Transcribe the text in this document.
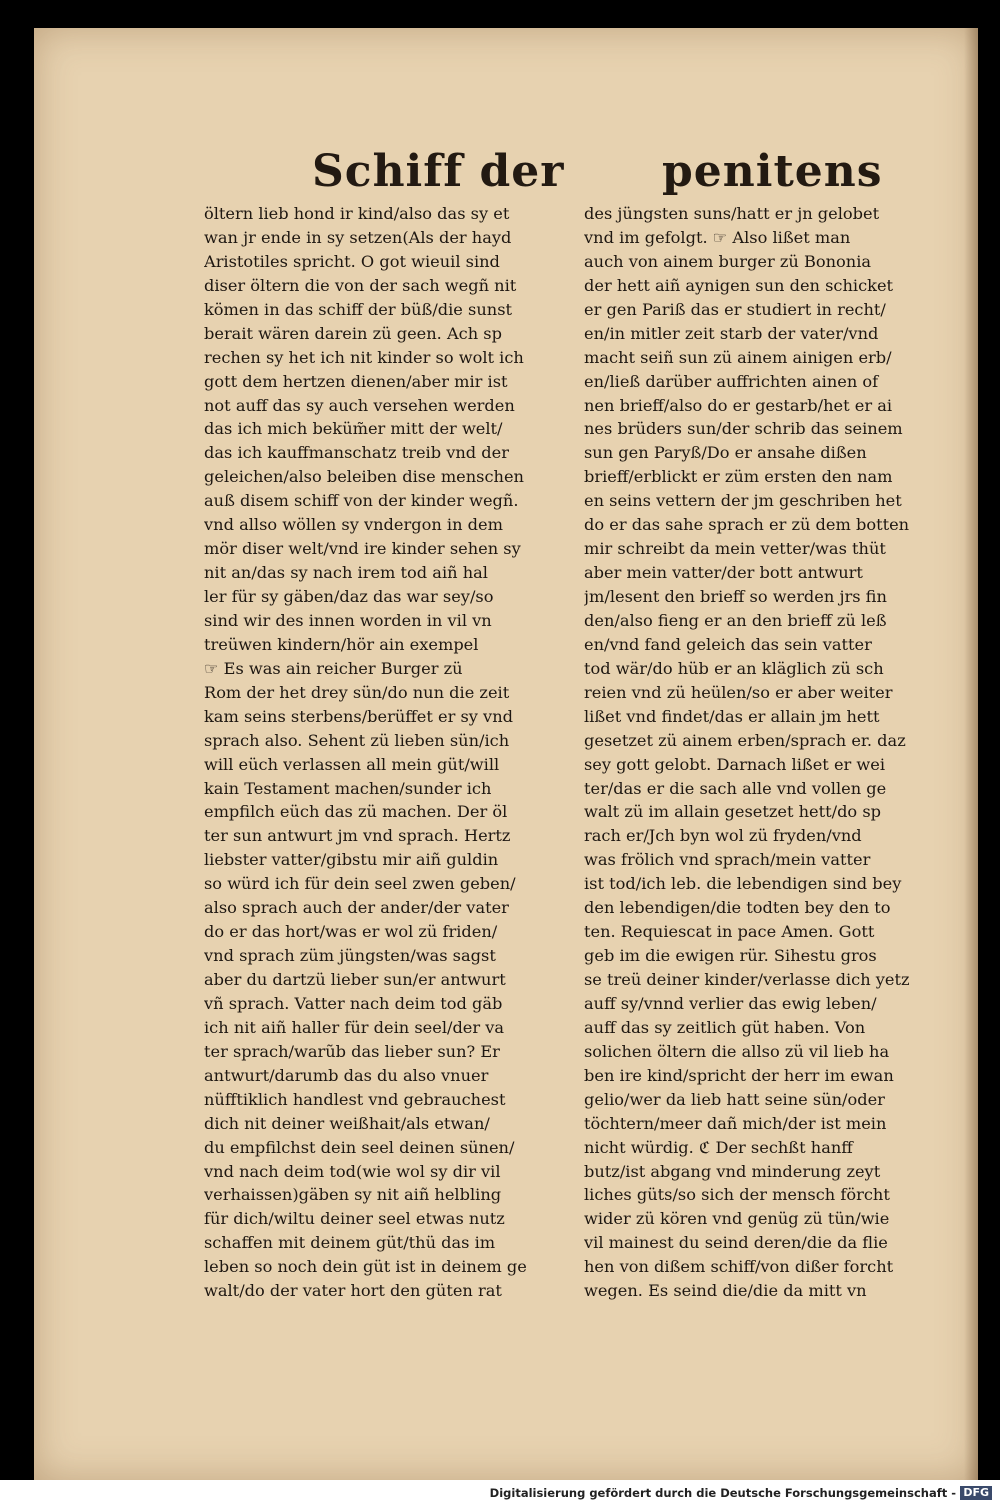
Schiff der penitens
öltern lieb hond ir kind/also das sy et
wan jr ende in sy setzen(Als der hayd
Aristotiles spricht. O got wieuil sind
diser öltern die von der sach wegñ nit
kömen in das schiff der büß/die sunst
berait wären darein zü geen. Ach sp
rechen sy het ich nit kinder so wolt ich
gott dem hertzen dienen/aber mir ist
not auff das sy auch versehen werden
das ich mich beküm̃er mitt der welt/
das ich kauffmanschatz treib vnd der
geleichen/also beleiben dise menschen
auß disem schiff von der kinder wegñ.
vnd allso wöllen sy vndergon in dem
mör diser welt/vnd ire kinder sehen sy
nit an/das sy nach irem tod aiñ hal
ler für sy gäben/daz das war sey/so
sind wir des innen worden in vil vn
treüwen kindern/hör ain exempel
☞ Es was ain reicher Burger zü
Rom der het drey sün/do nun die zeit
kam seins sterbens/berüffet er sy vnd
sprach also. Sehent zü lieben sün/ich
will eüch verlassen all mein güt/will
kain Testament machen/sunder ich
empfilch eüch das zü machen. Der öl
ter sun antwurt jm vnd sprach. Hertz
liebster vatter/gibstu mir aiñ guldin
so würd ich für dein seel zwen geben/
also sprach auch der ander/der vater
do er das hort/was er wol zü friden/
vnd sprach züm jüngsten/was sagst
aber du dartzü lieber sun/er antwurt
vñ sprach. Vatter nach deim tod gäb
ich nit aiñ haller für dein seel/der va
ter sprach/warũb das lieber sun? Er
antwurt/darumb das du also vnuer
nüfftiklich handlest vnd gebrauchest
dich nit deiner weißhait/als etwan/
du empfilchst dein seel deinen sünen/
vnd nach deim tod(wie wol sy dir vil
verhaissen)gäben sy nit aiñ helbling
für dich/wiltu deiner seel etwas nutz
schaffen mit deinem güt/thü das im
leben so noch dein güt ist in deinem ge
walt/do der vater hort den güten rat
des jüngsten suns/hatt er jn gelobet
vnd im gefolgt. ☞ Also lißet man
auch von ainem burger zü Bononia
der hett aiñ aynigen sun den schicket
er gen Pariß das er studiert in recht/
en/in mitler zeit starb der vater/vnd
macht seiñ sun zü ainem ainigen erb/
en/ließ darüber auffrichten ainen of
nen brieff/also do er gestarb/het er ai
nes brüders sun/der schrib das seinem
sun gen Paryß/Do er ansahe dißen
brieff/erblickt er züm ersten den nam
en seins vettern der jm geschriben het
do er das sahe sprach er zü dem botten
mir schreibt da mein vetter/was thüt
aber mein vatter/der bott antwurt
jm/lesent den brieff so werden jrs fin
den/also fieng er an den brieff zü leß
en/vnd fand geleich das sein vatter
tod wär/do hüb er an kläglich zü sch
reien vnd zü heülen/so er aber weiter
lißet vnd findet/das er allain jm hett
gesetzet zü ainem erben/sprach er. daz
sey gott gelobt. Darnach lißet er wei
ter/das er die sach alle vnd vollen ge
walt zü im allain gesetzet hett/do sp
rach er/Jch byn wol zü fryden/vnd
was frölich vnd sprach/mein vatter
ist tod/ich leb. die lebendigen sind bey
den lebendigen/die todten bey den to
ten. Requiescat in pace Amen. Gott
geb im die ewigen rür. Sihestu gros
se treü deiner kinder/verlasse dich yetz
auff sy/vnnd verlier das ewig leben/
auff das sy zeitlich güt haben. Von
solichen öltern die allso zü vil lieb ha
ben ire kind/spricht der herr im ewan
gelio/wer da lieb hatt seine sün/oder
töchtern/meer dañ mich/der ist mein
nicht würdig. ℭ Der sechßt hanff
butz/ist abgang vnd minderung zeyt
liches güts/so sich der mensch förcht
wider zü kören vnd genüg zü tün/wie
vil mainest du seind deren/die da flie
hen von dißem schiff/von dißer forcht
wegen. Es seind die/die da mitt vn
Digitalisierung gefördert durch die Deutsche Forschungsgemeinschaft - DFG
